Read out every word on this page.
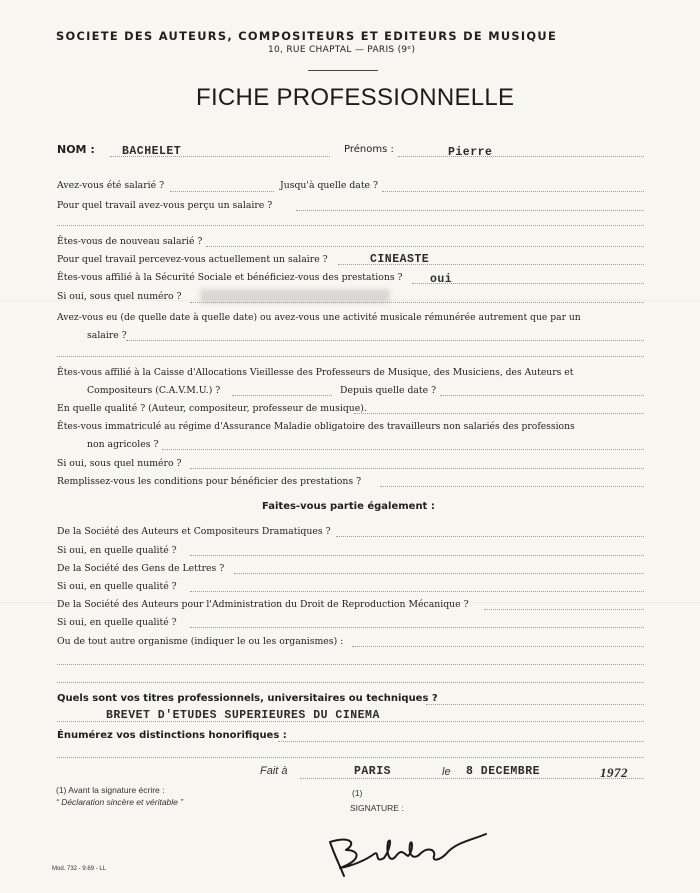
SOCIETE DES AUTEURS, COMPOSITEURS ET EDITEURS DE MUSIQUE
10, RUE CHAPTAL — PARIS (9ᵉ)
FICHE PROFESSIONNELLE
NOM : BACHELET	Prénoms :	Pierre
Avez-vous été salarié ?	Jusqu'à quelle date ?
Pour quel travail avez-vous perçu un salaire ?
Êtes-vous de nouveau salarié ?
Pour quel travail percevez-vous actuellement un salaire ?	CINEASTE
Êtes-vous affilié à la Sécurité Sociale et bénéficiez-vous des prestations ? oui
Si oui, sous quel numéro ?
Avez-vous eu (de quelle date à quelle date) ou avez-vous une activité musicale rémunérée autrement que par un
salaire ?
Êtes-vous affilié à la Caisse d'Allocations Vieillesse des Professeurs de Musique, des Musiciens, des Auteurs et
Compositeurs (C.A.V.M.U.) ?	Depuis quelle date ?
En quelle qualité ? (Auteur, compositeur, professeur de musique).
Êtes-vous immatriculé au régime d'Assurance Maladie obligatoire des travailleurs non salariés des professions
non agricoles ?
Si oui, sous quel numéro ?
Remplissez-vous les conditions pour bénéficier des prestations ?
Faites-vous partie également :
De la Société des Auteurs et Compositeurs Dramatiques ?
Si oui, en quelle qualité ?
De la Société des Gens de Lettres ?
Si oui, en quelle qualité ?
De la Société des Auteurs pour l'Administration du Droit de Reproduction Mécanique ?
Si oui, en quelle qualité ?
Ou de tout autre organisme (indiquer le ou les organismes) :
Quels sont vos titres professionnels, universitaires ou techniques ?
BREVET D'ETUDES SUPERIEURES DU CINEMA
Énumérez vos distinctions honorifiques :
Fait à	PARIS	le 8 DECEMBRE	1972
(1)
SIGNATURE :
(1) Avant la signature écrire :
“ Déclaration sincère et véritable ”
Mod. 732 - 9.69 - LL
